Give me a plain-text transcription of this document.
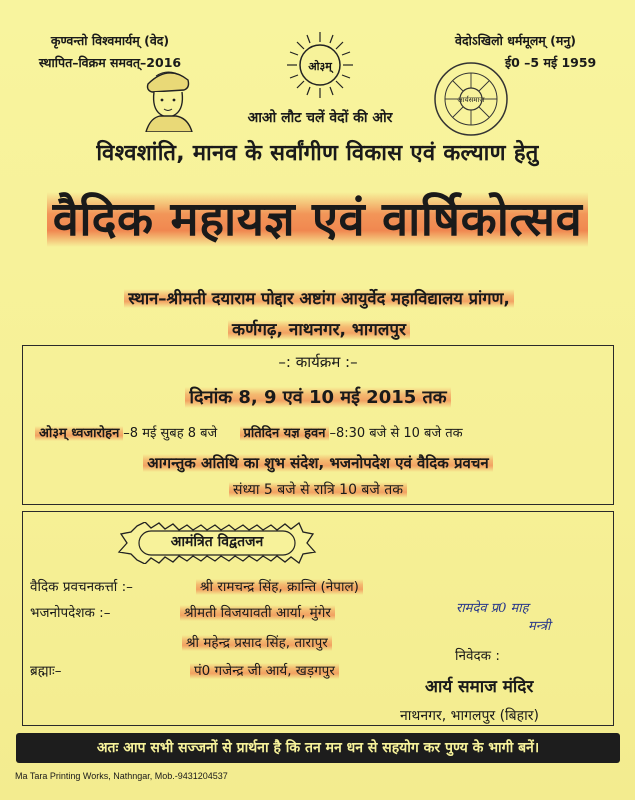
कृण्वन्तो विश्वमार्यम् (वेद)
स्थापित–विक्रम समवत्–2016	ओ३म्
वेदोऽखिलो धर्ममूलम् (मनु)
ई0 –5 मई 1959
आर्यसमाज
आओ लौट चलें वेदों की ओर
विश्वशांति, मानव के सर्वांगीण विकास एवं कल्याण हेतु
वैदिक महायज्ञ एवं वार्षिकोत्सव
स्थान–श्रीमती दयाराम पोद्दार अष्टांग आयुर्वेद महाविद्यालय प्रांगण,
कर्णगढ़, नाथनगर, भागलपुर
–: कार्यक्रम :–
दिनांक 8, 9 एवं 10 मई 2015 तक
ओ३म् ध्वजारोहन –8 मई सुबह 8 बजे प्रतिदिन यज्ञ हवन –8:30 बजे से 10 बजे तक
आगन्तुक अतिथि का शुभ संदेश, भजनोपदेश एवं वैदिक प्रवचन
संध्या 5 बजे से रात्रि 10 बजे तक
आमंत्रित विद्वतजन
वैदिक प्रवचनकर्त्ता :–	श्री रामचन्द्र सिंह, क्रान्ति (नेपाल)
भजनोपदेशक :–	श्रीमती विजयावती आर्या, मुंगेर
श्री महेन्द्र प्रसाद सिंह, तारापुर
ब्रह्माः–	पं0 गजेन्द्र जी आर्य, खड़गपुर
रामदेव प्र0 माह
मन्त्री
निवेदक :
आर्य समाज मंदिर
नाथनगर, भागलपुर (बिहार)
अतः आप सभी सज्जनों से प्रार्थना है कि तन मन धन से सहयोग कर पुण्य के भागी बनें।
Ma Tara Printing Works, Nathngar, Mob.-9431204537
